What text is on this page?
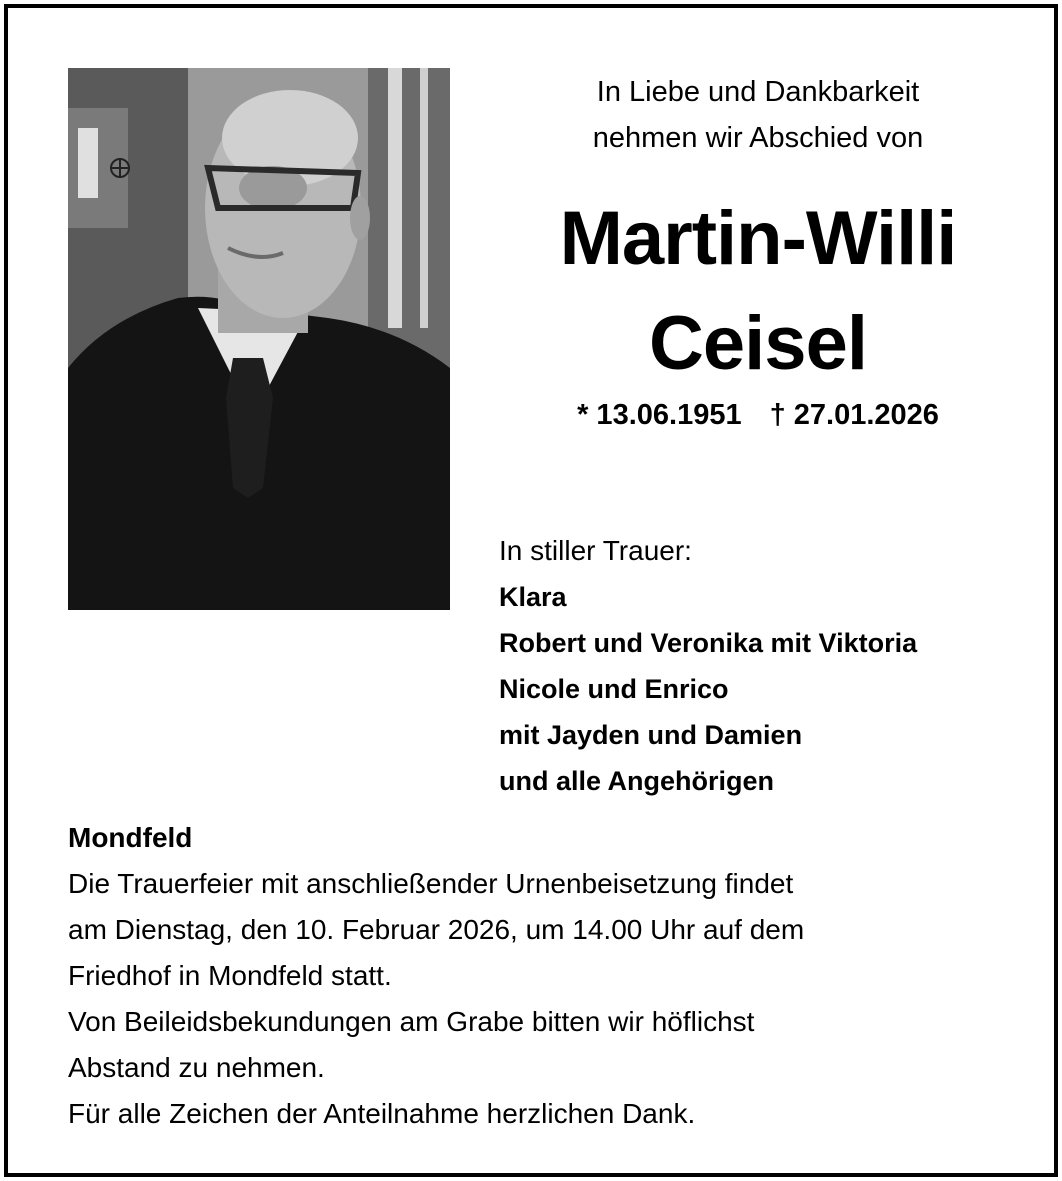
In Liebe und Dankbarkeit
nehmen wir Abschied von
Martin-Willi
Ceisel
* 13.06.1951 † 27.01.2026
In stiller Trauer:
Klara
Robert und Veronika mit Viktoria
Nicole und Enrico
mit Jayden und Damien
und alle Angehörigen
Mondfeld
Die Trauerfeier mit anschließender Urnenbeisetzung findet
am Dienstag, den 10. Februar 2026, um 14.00 Uhr auf dem
Friedhof in Mondfeld statt.
Von Beileidsbekundungen am Grabe bitten wir höflichst
Abstand zu nehmen.
Für alle Zeichen der Anteilnahme herzlichen Dank.
